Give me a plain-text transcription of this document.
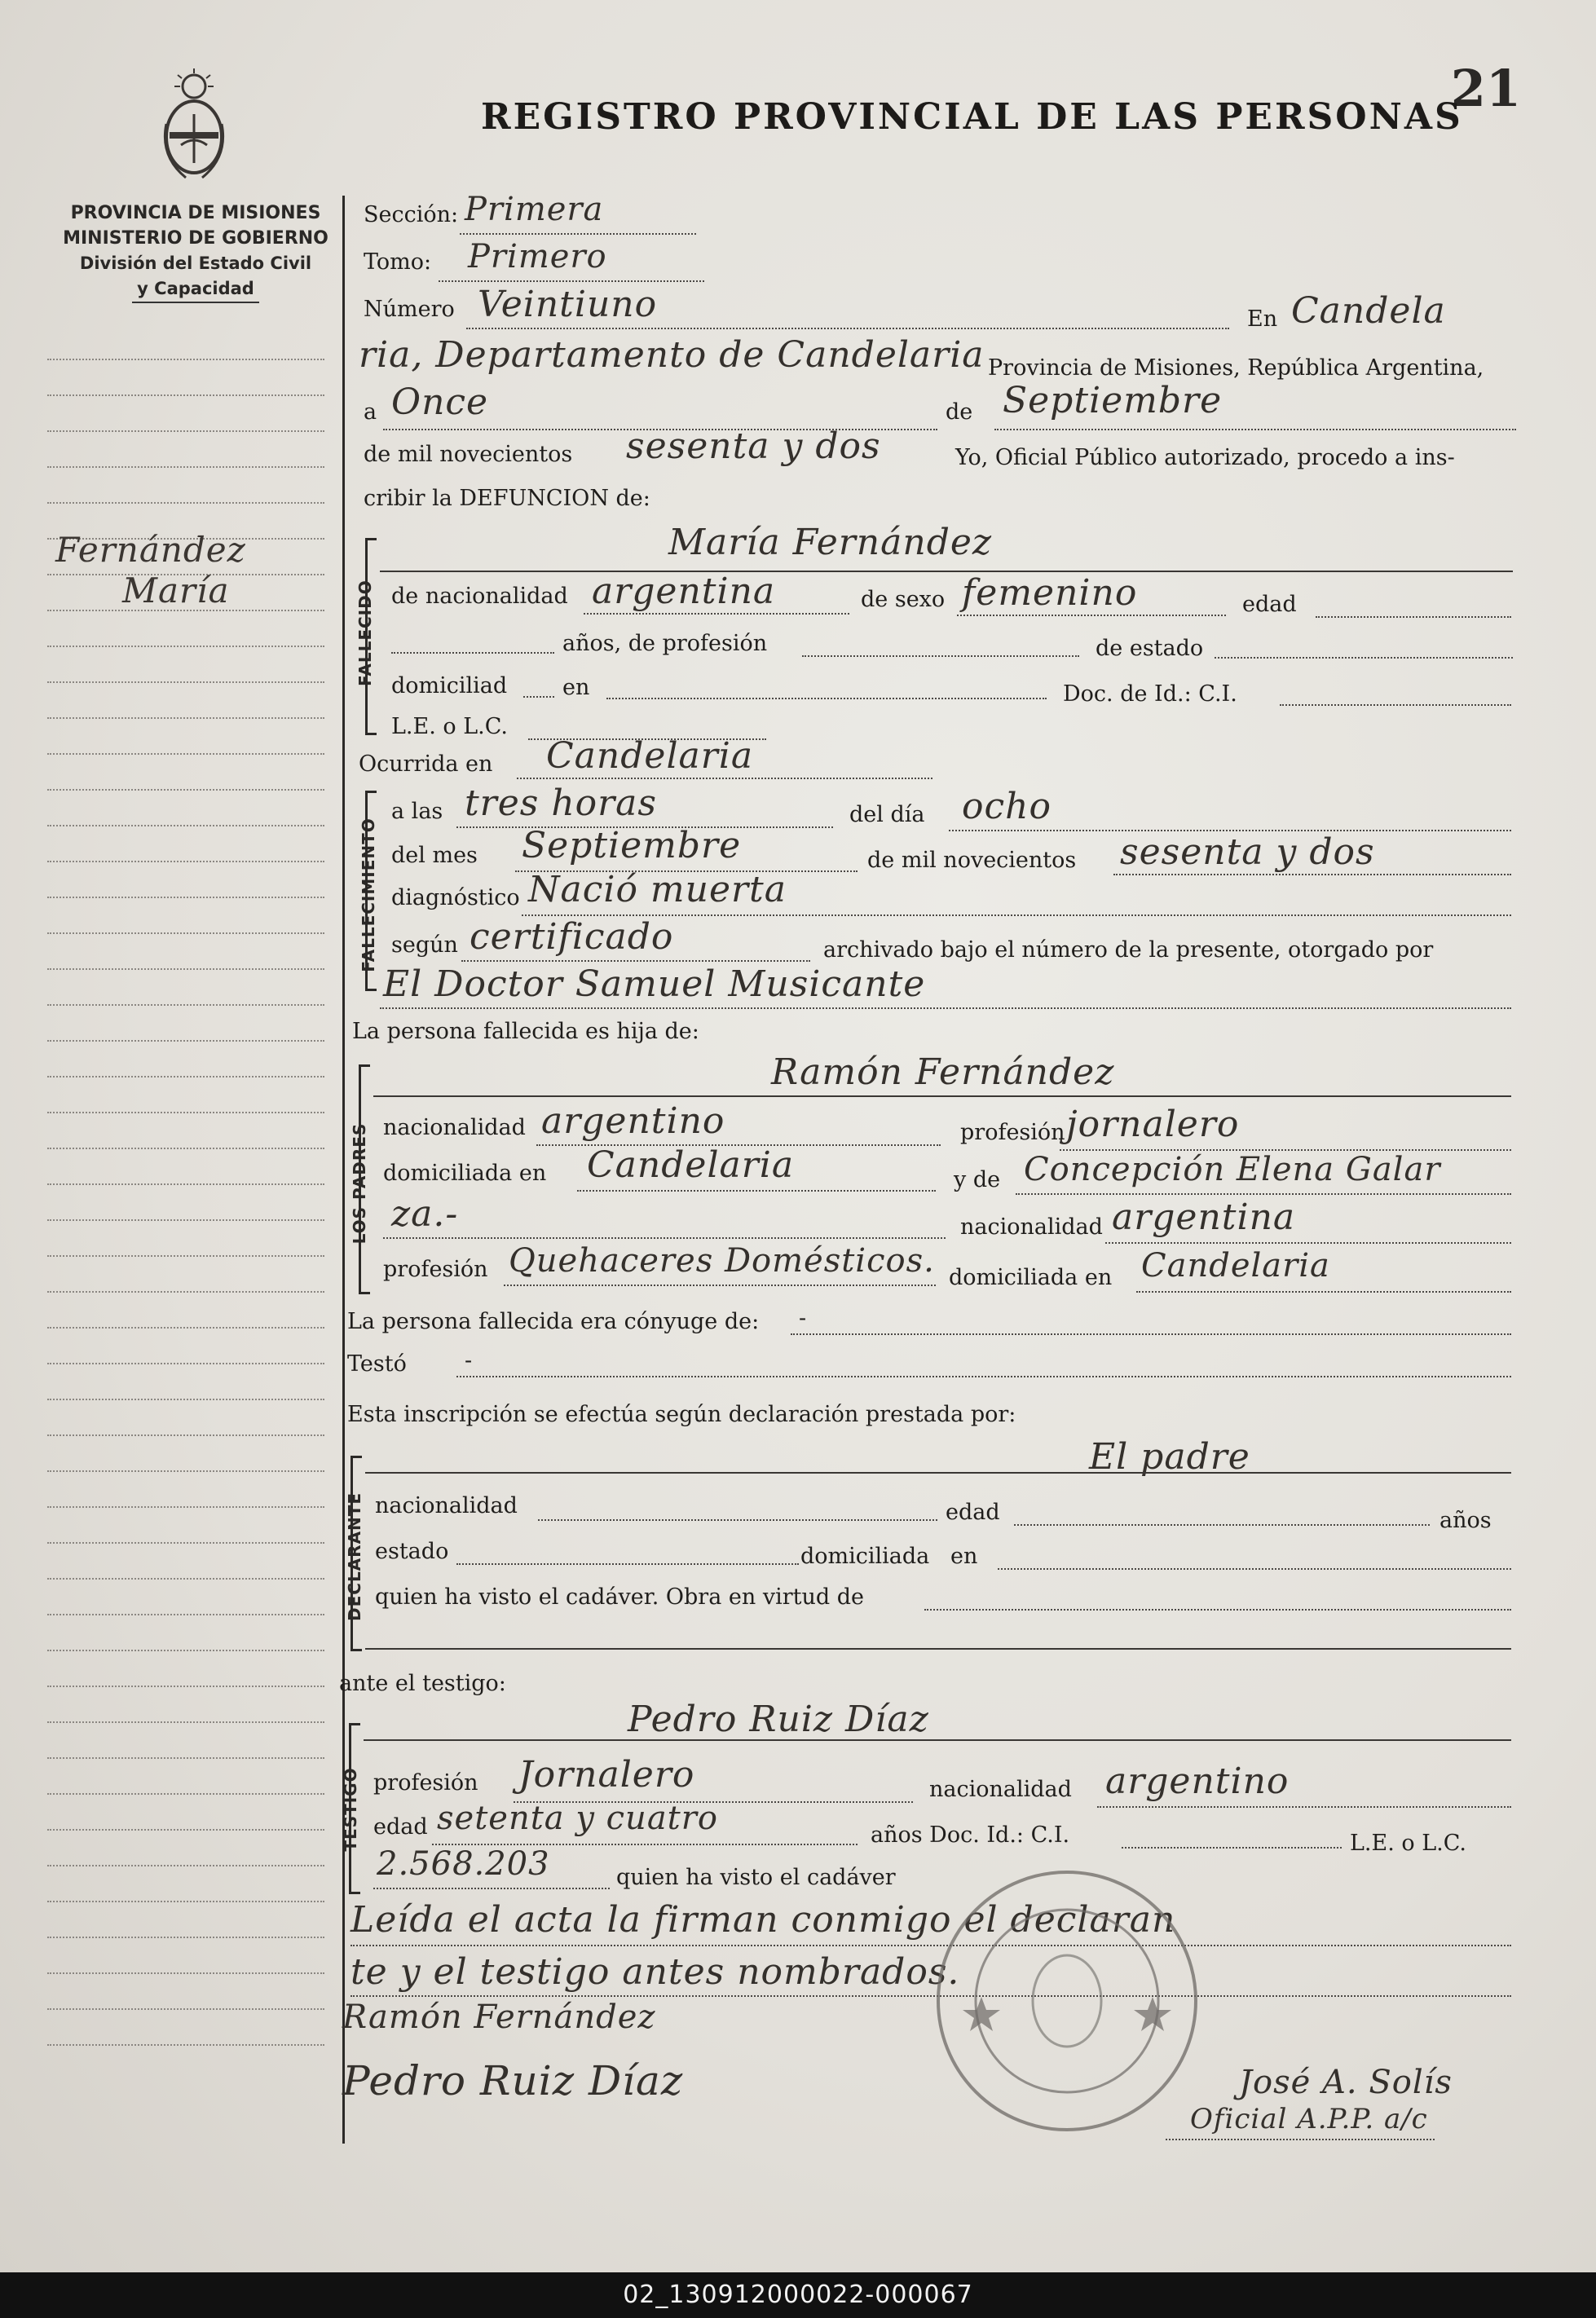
21
REGISTRO PROVINCIAL DE LAS PERSONAS
PROVINCIA DE MISIONES
MINISTERIO DE GOBIERNO
División del Estado Civil
y Capacidad
Fernández
María
Sección: Primera
Tomo: Primero
Número Veintiuno	En Candela
ria, Departamento de Candelaria Provincia de Misiones, República Argentina,
a Once	de Septiembre
de mil novecientos sesenta y dos	Yo, Oficial Público autorizado, procedo a ins-
cribir la DEFUNCION de:
FALLECIDO
María Fernández
de nacionalidad argentina	de sexo femenino	edad
años, de profesión	de estado
domiciliad	en	Doc. de Id.: C.I.
L.E. o L.C.
Ocurrida en Candelaria
FALLECIMIENTO
a las tres horas	del día ocho
del mes Septiembre	de mil novecientos sesenta y dos
diagnóstico Nació muerta
según certificado	archivado bajo el número de la presente, otorgado por
El Doctor Samuel Musicante
La persona fallecida es hija de:
LOS PADRES
Ramón Fernández
nacionalidad argentino	profesión jornalero
domiciliada en Candelaria	y de Concepción Elena Galar
za.-	nacionalidad argentina
profesión Quehaceres Domésticos. domiciliada en Candelaria
La persona fallecida era cónyuge de: -
Testó	-
Esta inscripción se efectúa según declaración prestada por:
DECLARANTE
El padre
nacionalidad	edad	años
estado	domiciliada en
quien ha visto el cadáver. Obra en virtud de
ante el testigo:
TESTIGO
Pedro Ruiz Díaz
profesión Jornalero	nacionalidad argentino
edad setenta y cuatro	años Doc. Id.: C.I.	L.E. o L.C.
2.568.203	quien ha visto el cadáver
Leída el acta la firman conmigo el declaran
te y el testigo antes nombrados.
Ramón Fernández
Pedro Ruiz Díaz	José A. Solís
Oficial A.P.P. a/c
02_130912000022-000067
